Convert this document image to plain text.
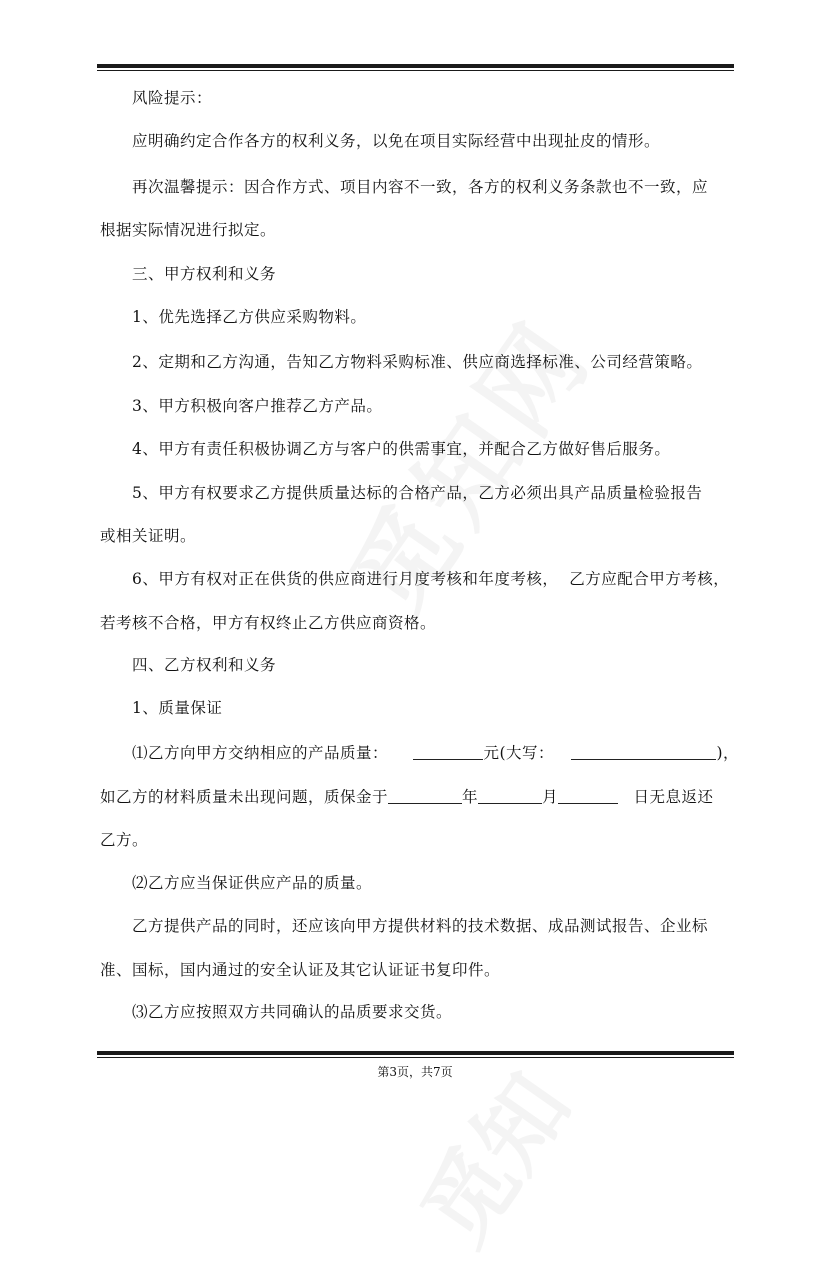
风险提示：
应明确约定合作各方的权利义务，以免在项目实际经营中出现扯皮的情形。
再次温馨提示：因合作方式、项目内容不一致，各方的权利义务条款也不一致，应
根据实际情况进行拟定。
三、甲方权利和义务
1、优先选择乙方供应采购物料。
2、定期和乙方沟通，告知乙方物料采购标准、供应商选择标准、公司经营策略。
3、甲方积极向客户推荐乙方产品。
4、甲方有责任积极协调乙方与客户的供需事宜，并配合乙方做好售后服务。
5、甲方有权要求乙方提供质量达标的合格产品，乙方必须出具产品质量检验报告
或相关证明。
6、甲方有权对正在供货的供应商进行月度考核和年度考核，  乙方应配合甲方考核，
若考核不合格，甲方有权终止乙方供应商资格。
四、乙方权利和义务
1、质量保证
⑴乙方向甲方交纳相应的产品质量：	元(大写：	)，
如乙方的材料质量未出现问题，质保金于	年	月	日无息返还
乙方。
⑵乙方应当保证供应产品的质量。
乙方提供产品的同时，还应该向甲方提供材料的技术数据、成品测试报告、企业标
准、国标，国内通过的安全认证及其它认证证书复印件。
⑶乙方应按照双方共同确认的品质要求交货。
第3页，共7页
